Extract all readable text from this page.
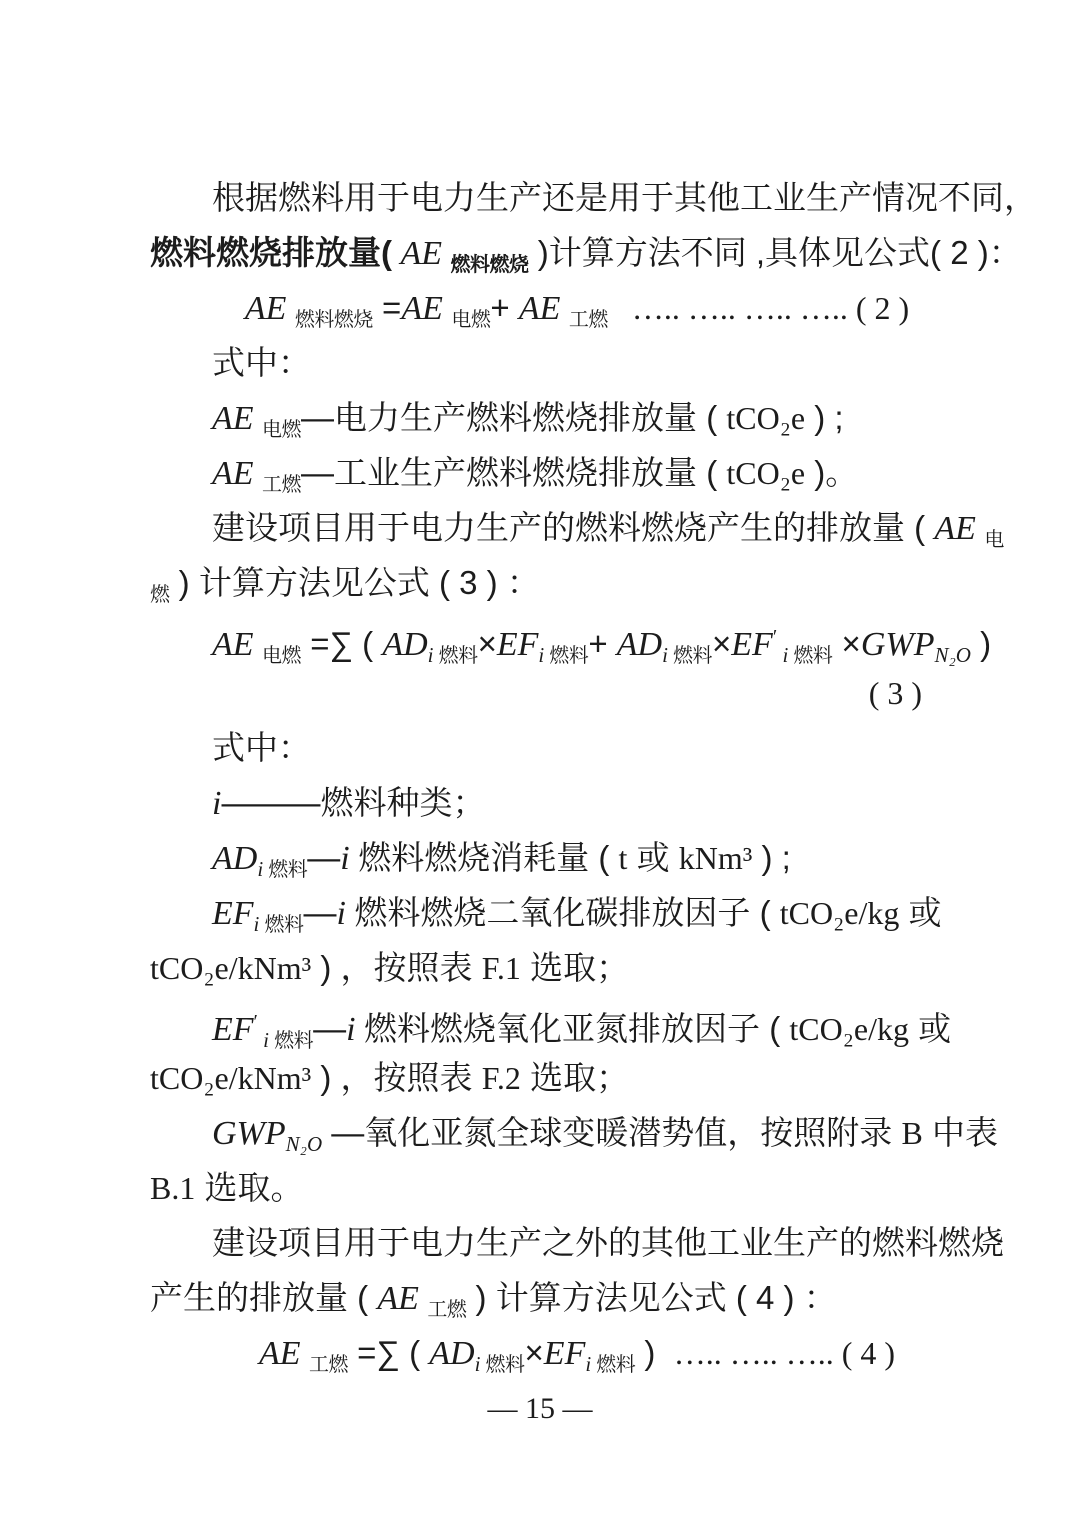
根据燃料用于电力生产还是用于其他工业生产情况不同，
燃料燃烧排放量( AE $_{燃料燃烧}$ )计算方法不同 ,具体见公式( 2 )：
AE $_{燃料燃烧}$ =AE $_{电燃}$+ AE $_{工燃}$   ….. ….. ….. ….. ( 2 )
式中：
AE $_{电燃}$—电力生产燃料燃烧排放量 ( tCO₂e ) ;
AE $_{工燃}$—工业生产燃料燃烧排放量 ( tCO₂e )。
建设项目用于电力生产的燃料燃烧产生的排放量 ( AE $_电$
$_燃$ ) 计算方法见公式 ( 3 ) ：
AE $_{电燃}$ =∑ ( $AD_i$ $_{燃料}\times EF_i$ $_{燃料}+ AD_i$ $_{燃料}$×EF′ $_i$ $_{燃料} \times GWP_{N_2O}$ )
( 3 )
式中：
i———燃料种类；
$AD_i$ $_{燃料}$—i 燃料燃烧消耗量 ( t 或 kNm³ ) ;
$EF_i$ $_{燃料}$—i 燃料燃烧二氧化碳排放因子 ( tCO₂e/kg 或
tCO₂e/kNm³ ) ，按照表 F.1 选取；
EF′ $_i$ $_{燃料}$—i 燃料燃烧氧化亚氮排放因子 ( tCO₂e/kg 或
tCO₂e/kNm³ ) ，按照表 F.2 选取；
$GWP_{N_2O}$ —氧化亚氮全球变暖潜势值，按照附录 B 中表
B.1 选取。
建设项目用于电力生产之外的其他工业生产的燃料燃烧
产生的排放量 ( AE $_{工燃}$ ) 计算方法见公式 ( 4 ) ：
AE $_{工燃}$ =∑ ( $AD_i$ $_{燃料}\times EF_i$ $_{燃料}$ )  ….. ….. ….. ( 4 )
— 15 —
